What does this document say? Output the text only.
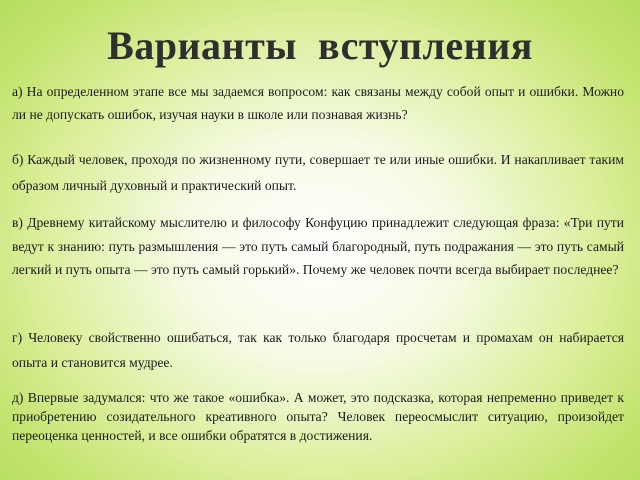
Варианты  вступления

а) На определенном этапе все мы задаемся вопросом: как связаны между собой опыт и ошибки. Можно ли не допускать ошибок, изучая науки в школе или познавая жизнь?

б) Каждый человек, проходя по жизненному пути, совершает те или иные ошибки. И накапливает таким образом личный духовный и практический опыт.

в) Древнему китайскому мыслителю и философу Конфуцию принадлежит следующая фраза: «Три пути ведут к знанию: путь размышления — это путь самый благородный, путь подражания — это путь самый легкий и путь опыта — это путь самый горький». Почему же человек почти всегда выбирает последнее?

г) Человеку свойственно ошибаться, так как только благодаря просчетам и промахам он набирается опыта и становится мудрее.

д) Впервые задумался: что же такое «ошибка». А может, это подсказка, которая непременно приведет к приобретению созидательного креативного опыта? Человек переосмыслит ситуацию, произойдет переоценка ценностей, и все ошибки обратятся в достижения.
